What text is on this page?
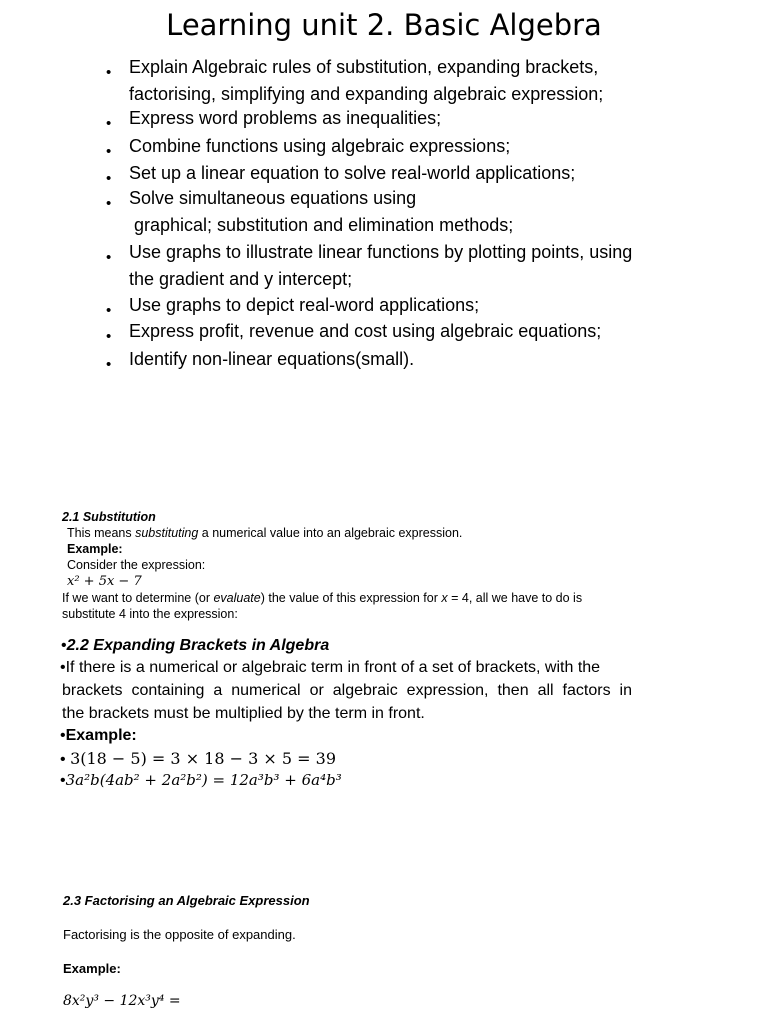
Learning unit 2. Basic Algebra
• Explain Algebraic rules of substitution, expanding brackets,
factorising, simplifying and expanding algebraic expression;
• Express word problems as inequalities;
• Combine functions using algebraic expressions;
• Set up a linear equation to solve real-world applications;
• Solve simultaneous equations using
graphical; substitution and elimination methods;
• Use graphs to illustrate linear functions by plotting points, using
the gradient and y intercept;
• Use graphs to depict real-word applications;
• Express profit, revenue and cost using algebraic equations;
• Identify non-linear equations(small).
2.1 Substitution
This means substituting a numerical value into an algebraic expression.
Example:
Consider the expression:
x² + 5x − 7
If we want to determine (or evaluate) the value of this expression for x = 4, all we have to do is
substitute 4 into the expression:
•2.2 Expanding Brackets in Algebra
•If there is a numerical or algebraic term in front of a set of brackets, with the
brackets containing a numerical or algebraic expression, then all factors in
the brackets must be multiplied by the term in front.
•Example:
• 3(18 − 5) = 3 × 18 − 3 × 5 = 39
•3a²b(4ab² + 2a²b²) = 12a³b³ + 6a⁴b³
2.3 Factorising an Algebraic Expression
Factorising is the opposite of expanding.
Example:
8x²y³ − 12x³y⁴ =
